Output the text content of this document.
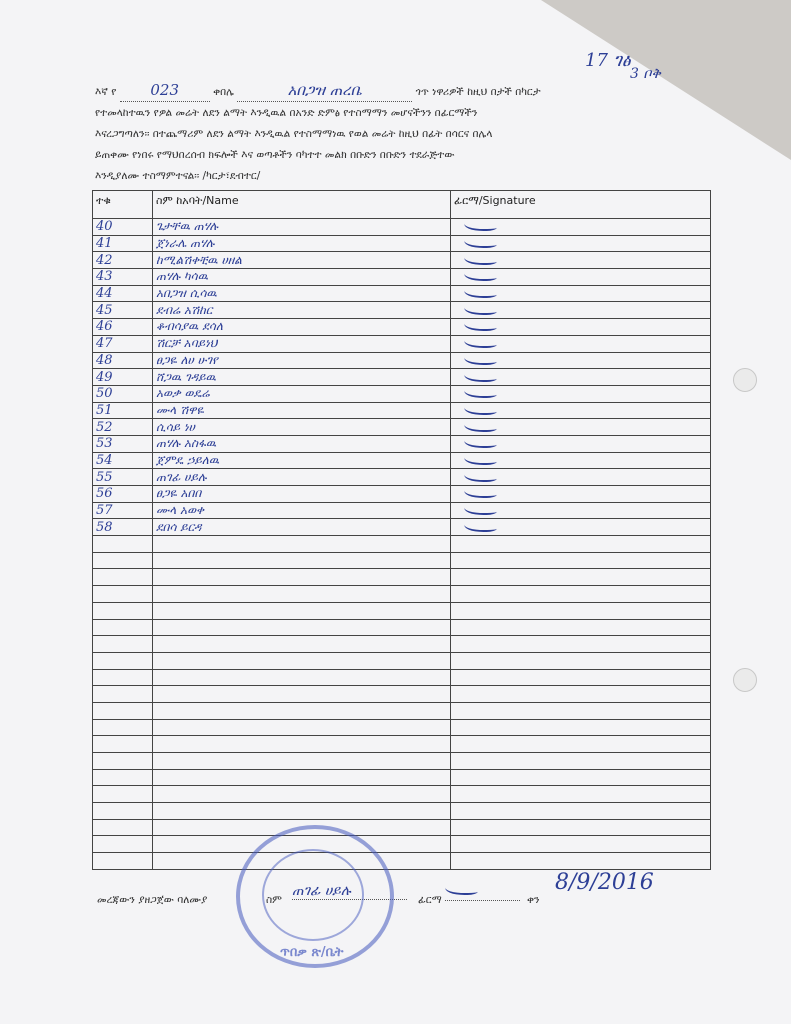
17 ገፅ
3 ቦቅ
እኛ የ 023	ቀበሌ	አበጋዝ ጠረቤ	ጎጥ ነዋሪዎች ከዚህ በታች በካርታ
የተመላከተዉን የዎል መሬት ለደን ልማት እንዲዉል በአንድ ድምፅ የተስማማን መሆናችንን በፊርማችን
እናረጋግጣለን፡፡ በተጨማሪም ለደን ልማት እንዲዉል የተስማማነዉ የወል መሬት ከዚህ በፊት በሳርና በሌላ
ይጠቀሙ የነበሩ የማህበረሰብ ክፍሎች እና ወጣቶችን ባካተተ መልክ በቡድን በቡድን ተደራጅተው
እንዲያለሙ ተስማምተናል፡፡ /ካርታ፣ደብተር/
ተቁ	ስም ከአባት/Name	ፊርማ/Signature
40	ጌታቸዉ ጠሃሉ	
41	ጀነራሌ ጠሃሉ	
42	ከሚልሽቀቺዉ ሀዘል	
43	ጠሃሉ ካሳዉ	
44	አበጋዝ ሲሳዉ	
45	ደብሬ አሽከር	
46	ቆብሳያዉ ደሳለ	
47	ሽርቻ አባይነህ	
48	ፀጋዬ ለሀ ሁገየ	
49	ሸጋዉ ገዳይዉ	
50	አወቃ ወዴሬ	
51	ሙላ ሽዋዬ	
52	ሲሳይ ነሀ	
53	ጠሃሉ አስፋዉ	
54	ጀምዴ ኃይለዉ	
55	ጠገፊ ሀይሉ	
56	ፀጋዬ አበበ	
57	ሙላ አወቀ	
58	ደበሳ ይርዳ	

መረጃውን ያዘጋጀው ባለሙያ	ስም
ጠገፊ ሀይሉ
ፊርማ	ቀን
8/9/2016
ጥበቃ ጽ/ቤት
